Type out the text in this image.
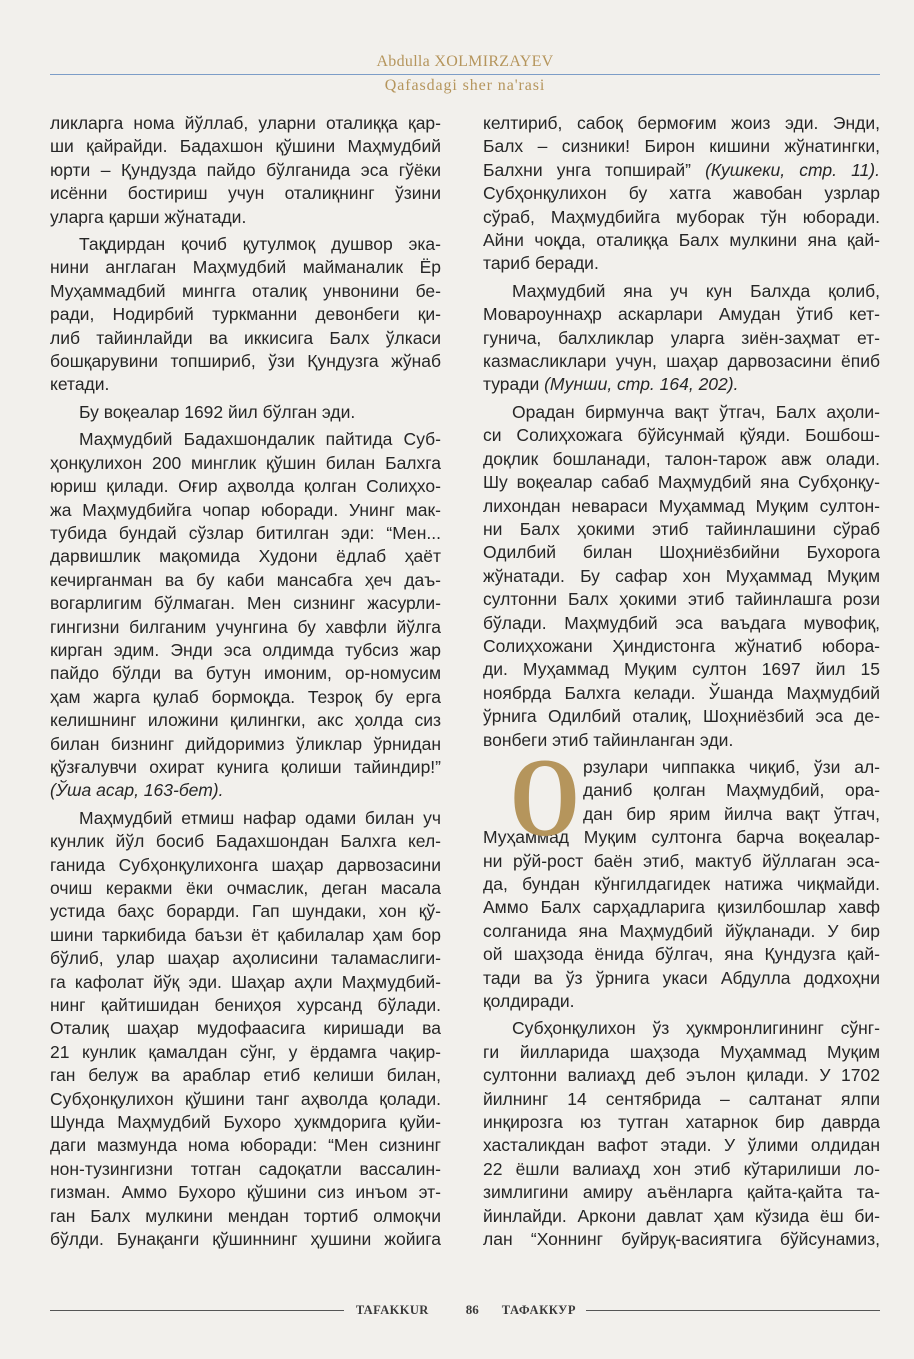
Abdulla XOLMIRZAYEV
Qafasdagi sher na'rasi
ликларга нома йўллаб, уларни оталиққа қар-
ши қайрайди. Бадахшон қўшини Маҳмудбий
юрти – Қундузда пайдо бўлганида эса гўёки
исённи бостириш учун оталиқнинг ўзини
уларга қарши жўнатади.
Тақдирдан қочиб қутулмоқ душвор эка-
нини англаган Маҳмудбий майманалик Ёр
Муҳаммадбий мингга оталиқ унвонини бе-
ради, Нодирбий туркманни девонбеги қи-
либ тайинлайди ва иккисига Балх ўлкаси
бошқарувини топшириб, ўзи Қундузга жўнаб
кетади.
Бу воқеалар 1692 йил бўлган эди.
Маҳмудбий Бадахшондалик пайтида Суб-
ҳонқулихон 200 минглик қўшин билан Балхга
юриш қилади. Оғир аҳволда қолган Солиҳхо-
жа Маҳмудбийга чопар юборади. Унинг мак-
тубида бундай сўзлар битилган эди: “Мен...
дарвишлик мақомида Худони ёдлаб ҳаёт
кечирганман ва бу каби мансабга ҳеч даъ-
вогарлигим бўлмаган. Мен сизнинг жасурли-
гингизни билганим учунгина бу хавфли йўлга
кирган эдим. Энди эса олдимда тубсиз жар
пайдо бўлди ва бутун имоним, ор-номусим
ҳам жарга қулаб бормоқда. Тезроқ бу ерга
келишнинг иложини қилингки, акс ҳолда сиз
билан бизнинг дийдоримиз ўликлар ўрнидан
қўзғалувчи охират кунига қолиши тайиндир!”
(Ўша асар, 163-бет).
Маҳмудбий етмиш нафар одами билан уч
кунлик йўл босиб Бадахшондан Балхга кел-
ганида Субҳонқулихонга шаҳар дарвозасини
очиш керакми ёки очмаслик, деган масала
устида баҳс борарди. Гап шундаки, хон қў-
шини таркибида баъзи ёт қабилалар ҳам бор
бўлиб, улар шаҳар аҳолисини таламаслиги-
га кафолат йўқ эди. Шаҳар аҳли Маҳмудбий-
нинг қайтишидан бениҳоя хурсанд бўлади.
Оталиқ шаҳар мудофаасига киришади ва
21 кунлик қамалдан сўнг, у ёрдамга чақир-
ган белуж ва араблар етиб келиши билан,
Субҳонқулихон қўшини танг аҳволда қолади.
Шунда Маҳмудбий Бухоро ҳукмдорига қуйи-
даги мазмунда нома юборади: “Мен сизнинг
нон-тузингизни тотган садоқатли вассалин-
гизман. Аммо Бухоро қўшини сиз инъом эт-
ган Балх мулкини мендан тортиб олмоқчи
бўлди. Бунақанги қўшиннинг ҳушини жойига
келтириб, сабоқ бермоғим жоиз эди. Энди,
Балх – сизники! Бирон кишини жўнатингки,
Балхни унга топширай” (Кушкеки, стр. 11).
Субҳонқулихон бу хатга жавобан узрлар
сўраб, Маҳмудбийга муборак тўн юборади.
Айни чоқда, оталиққа Балх мулкини яна қай-
тариб беради.
Маҳмудбий яна уч кун Балхда қолиб,
Мовароуннаҳр аскарлари Амудан ўтиб кет-
гунича, балхликлар уларга зиён-заҳмат ет-
казмасликлари учун, шаҳар дарвозасини ёпиб
туради (Мунши, стр. 164, 202).
Орадан бирмунча вақт ўтгач, Балх аҳоли-
си Солиҳхожага бўйсунмай қўяди. Бошбош-
доқлик бошланади, талон-тарож авж олади.
Шу воқеалар сабаб Маҳмудбий яна Субҳонқу-
лихондан невараси Муҳаммад Муқим султон-
ни Балх ҳокими этиб тайинлашини сўраб
Одилбий билан Шоҳниёзбийни Бухорога
жўнатади. Бу сафар хон Муҳаммад Муқим
султонни Балх ҳокими этиб тайинлашга рози
бўлади. Маҳмудбий эса ваъдага мувофиқ,
Солиҳхожани Ҳиндистонга жўнатиб юбора-
ди. Муҳаммад Муқим султон 1697 йил 15
ноябрда Балхга келади. Ўшанда Маҳмудбий
ўрнига Одилбий оталиқ, Шоҳниёзбий эса де-
вонбеги этиб тайинланган эди.
О рзулари чиппакка чиқиб, ўзи ал-
даниб қолган Маҳмудбий, ора-
дан бир ярим йилча вақт ўтгач,
Муҳаммад Муқим султонга барча воқеалар-
ни рўй-рост баён этиб, мактуб йўллаган эса-
да, бундан кўнгилдагидек натижа чиқмайди.
Аммо Балх сарҳадларига қизилбошлар хавф
солганида яна Маҳмудбий йўқланади. У бир
ой шаҳзода ёнида бўлгач, яна Қундузга қай-
тади ва ўз ўрнига укаси Абдулла додхоҳни
қолдиради.
Субҳонқулихон ўз ҳукмронлигининг сўнг-
ги йилларида шаҳзода Муҳаммад Муқим
султонни валиаҳд деб эълон қилади. У 1702
йилнинг 14 сентябрида – салтанат ялпи
инқирозга юз тутган хатарнок бир даврда
хасталикдан вафот этади. У ўлими олдидан
22 ёшли валиаҳд хон этиб кўтарилиши ло-
зимлигини амиру аъёнларга қайта-қайта та-
йинлайди. Аркони давлат ҳам кўзида ёш би-
лан “Хоннинг буйруқ-васиятига бўйсунамиз,
TAFAKKUR	86 ТАФАККУР
